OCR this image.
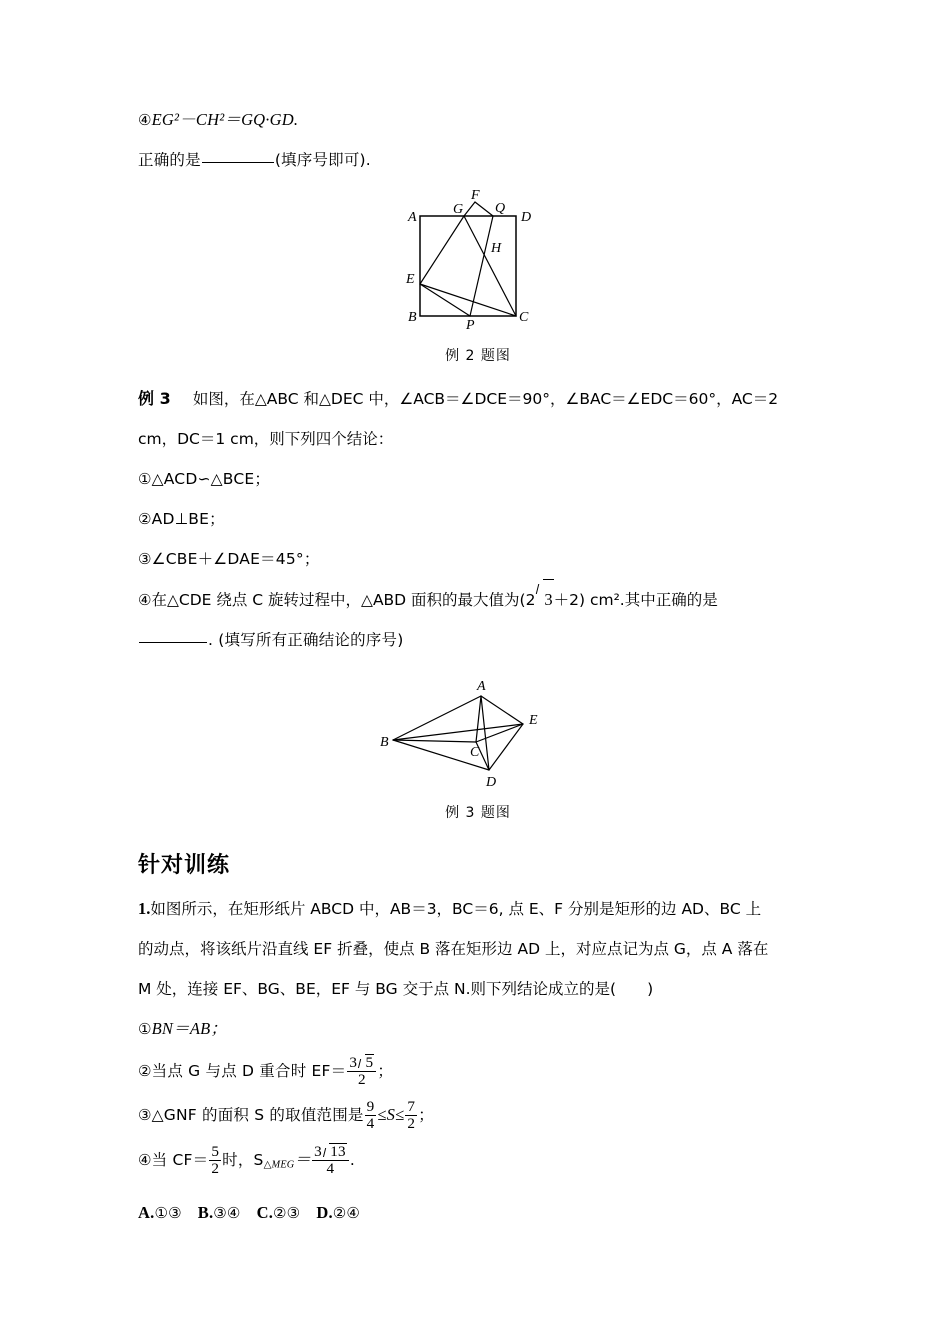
④EG²－CH²＝GQ·GD.
正确的是	(填序号即可).
A	D
B	C
E
F
G
H
P
Q
例 2 题图
例 3 如图，在△ABC 和△DEC 中，∠ACB＝∠DCE＝90°，∠BAC＝∠EDC＝60°，AC＝2
cm，DC＝1 cm，则下列四个结论：
①△ACD∽△BCE；
②AD⊥BE；
③∠CBE＋∠DAE＝45°；
④在△CDE 绕点 C 旋转过程中，△ABD 面积的最大值为(2 3＋2) cm².其中正确的是
. (填写所有正确结论的序号)
A
B
C
D
E
例 3 题图
针对训练
1.如图所示，在矩形纸片 ABCD 中，AB＝3，BC＝6, 点 E、F 分别是矩形的边 AD、BC 上
的动点，将该纸片沿直线 EF 折叠，使点 B 落在矩形边 AD 上，对应点记为点 G，点 A 落在
M 处，连接 EF、BG、BE，EF 与 BG 交于点 N.则下列结论成立的是(　　)
①BN＝AB；
②当点 G 与点 D 重合时 $EF= \frac{3 5}{2}$ ；
③△GNF 的面积 S 的取值范围是 $\frac{9}{4} \le S\le \frac{7}{2}$ ；
④当 $CF= \frac{5}{2}$ 时，$S_{\triangle MEG}= \frac{3 13}{4}$ .
A.①③ B.③④ C.②③ D.②④
